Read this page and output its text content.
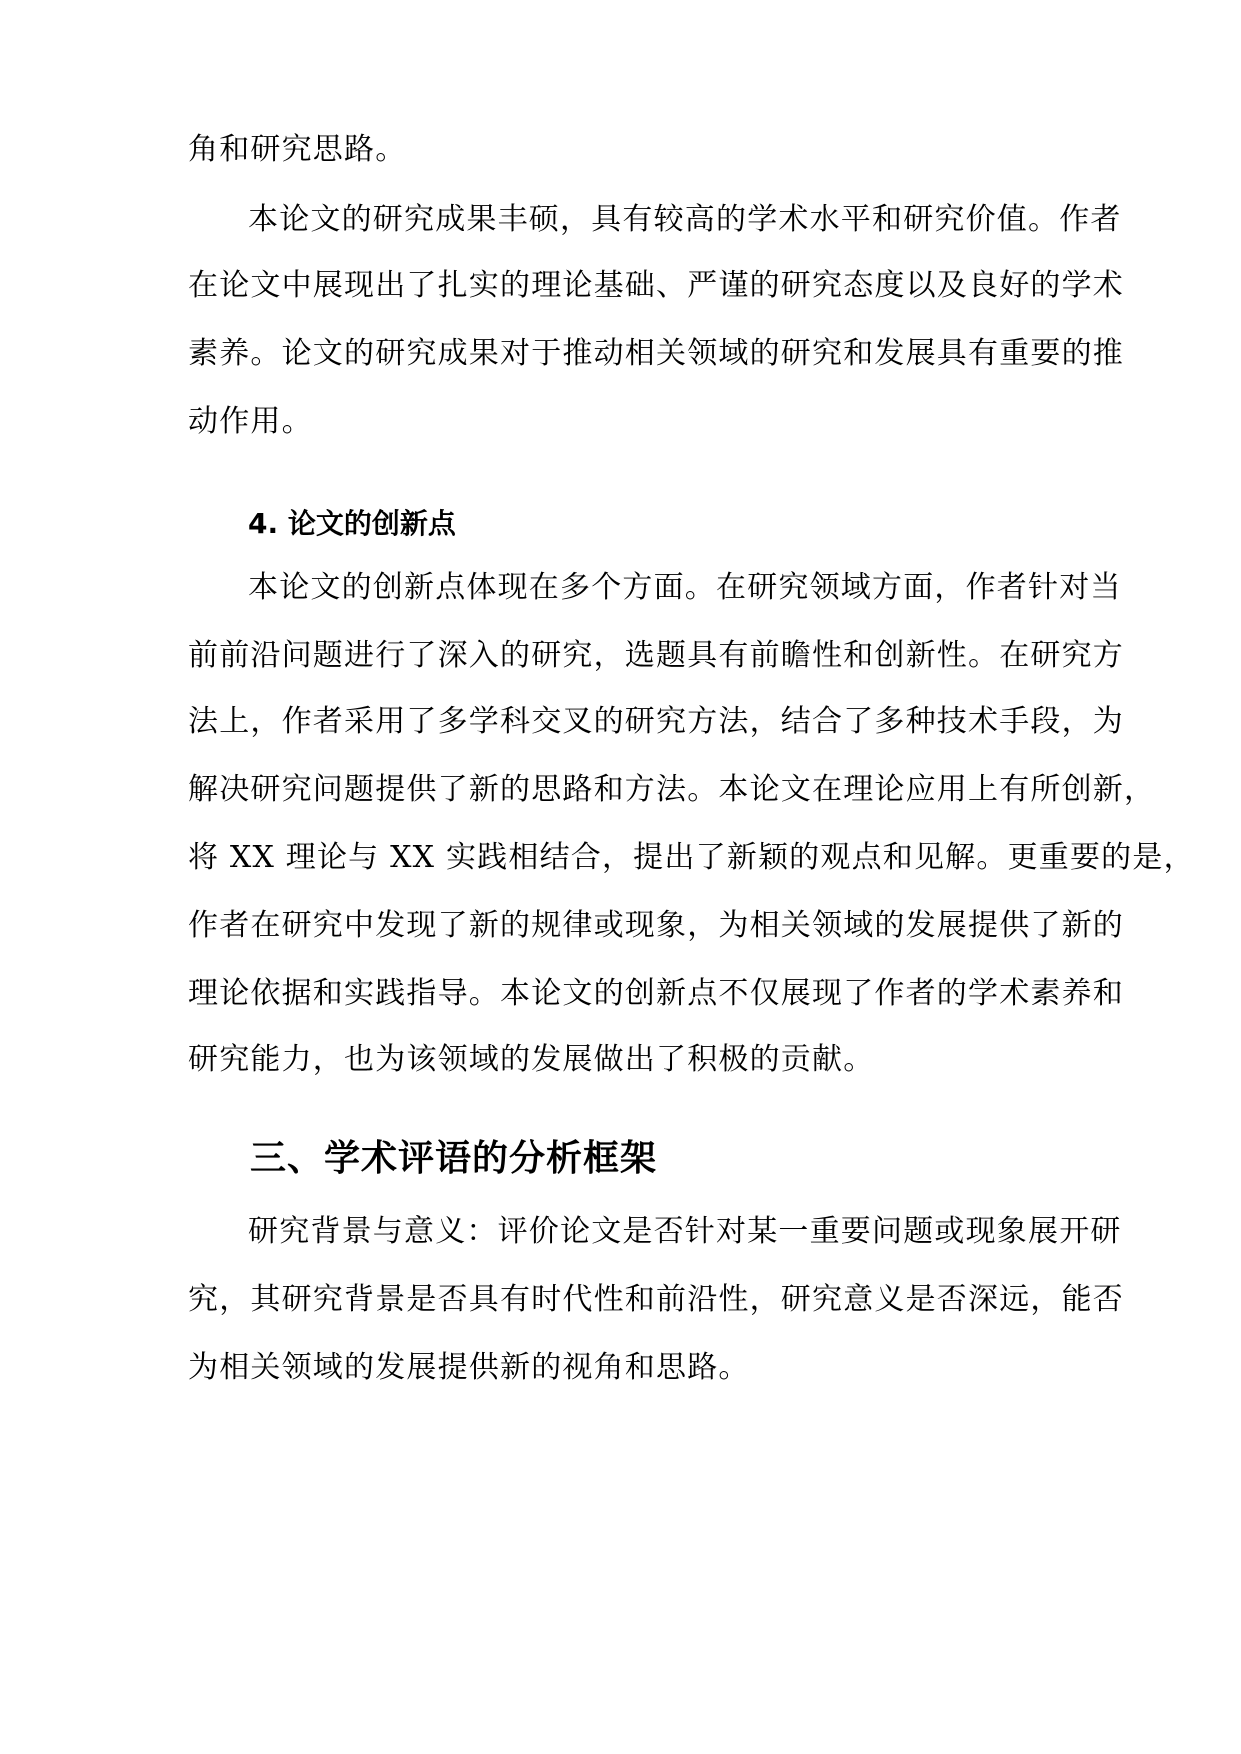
角和研究思路。
本论文的研究成果丰硕，具有较高的学术水平和研究价值。作者
在论文中展现出了扎实的理论基础、严谨的研究态度以及良好的学术
素养。论文的研究成果对于推动相关领域的研究和发展具有重要的推
动作用。
4. 论文的创新点
本论文的创新点体现在多个方面。在研究领域方面，作者针对当
前前沿问题进行了深入的研究，选题具有前瞻性和创新性。在研究方
法上，作者采用了多学科交叉的研究方法，结合了多种技术手段，为
解决研究问题提供了新的思路和方法。本论文在理论应用上有所创新，
将 XX 理论与 XX 实践相结合，提出了新颖的观点和见解。更重要的是，
作者在研究中发现了新的规律或现象，为相关领域的发展提供了新的
理论依据和实践指导。本论文的创新点不仅展现了作者的学术素养和
研究能力，也为该领域的发展做出了积极的贡献。
三、学术评语的分析框架
研究背景与意义：评价论文是否针对某一重要问题或现象展开研
究，其研究背景是否具有时代性和前沿性，研究意义是否深远，能否
为相关领域的发展提供新的视角和思路。
